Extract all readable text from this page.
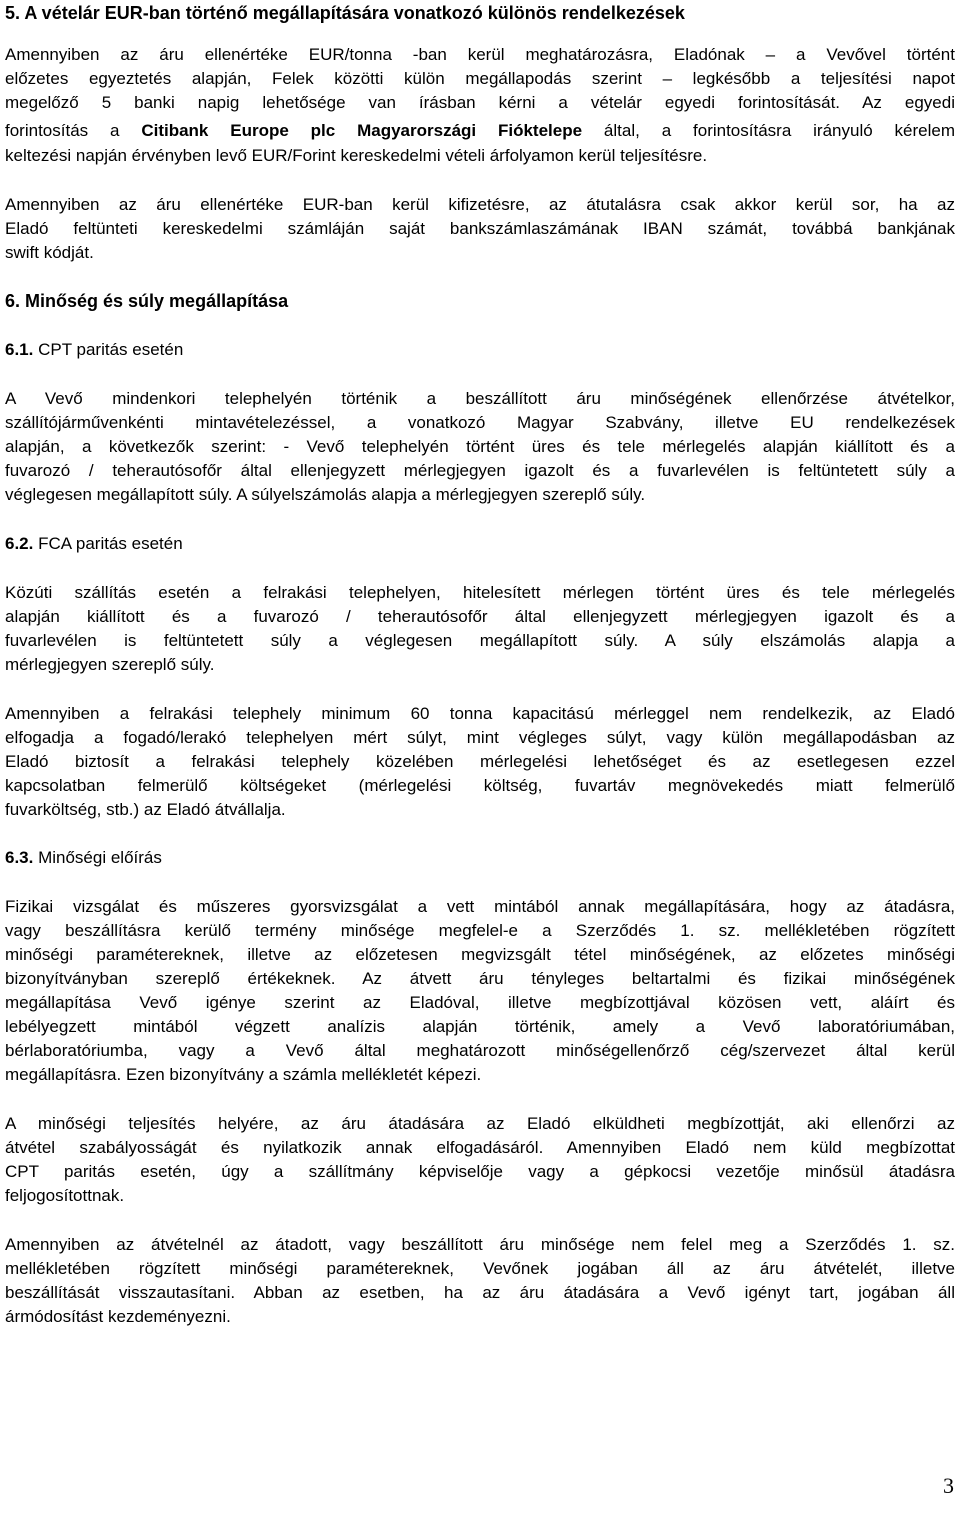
5. A vételár EUR-ban történő megállapítására vonatkozó különös rendelkezések
Amennyiben az áru ellenértéke EUR/tonna -ban kerül meghatározásra, Eladónak – a Vevővel történt
előzetes egyeztetés alapján, Felek közötti külön megállapodás szerint – legkésőbb a teljesítési napot
megelőző 5 banki napig lehetősége van írásban kérni a vételár egyedi forintosítását. Az egyedi
forintosítás a Citibank Europe plc Magyarországi Fióktelepe által, a forintosításra irányuló kérelem
keltezési napján érvényben levő EUR/Forint kereskedelmi vételi árfolyamon kerül teljesítésre.
Amennyiben az áru ellenértéke EUR-ban kerül kifizetésre, az átutalásra csak akkor kerül sor, ha az
Eladó feltünteti kereskedelmi számláján saját bankszámlaszámának IBAN számát, továbbá bankjának
swift kódját.
6. Minőség és súly megállapítása
6.1. CPT paritás esetén
A Vevő mindenkori telephelyén történik a beszállított áru minőségének ellenőrzése átvételkor,
szállítójárművenkénti mintavételezéssel, a vonatkozó Magyar Szabvány, illetve EU rendelkezések
alapján, a következők szerint: - Vevő telephelyén történt üres és tele mérlegelés alapján kiállított és a
fuvarozó / teherautósofőr által ellenjegyzett mérlegjegyen igazolt és a fuvarlevélen is feltüntetett súly a
véglegesen megállapított súly. A súlyelszámolás alapja a mérlegjegyen szereplő súly.
6.2. FCA paritás esetén
Közúti szállítás esetén a felrakási telephelyen, hitelesített mérlegen történt üres és tele mérlegelés
alapján kiállított és a fuvarozó / teherautósofőr által ellenjegyzett mérlegjegyen igazolt és a
fuvarlevélen is feltüntetett súly a véglegesen megállapított súly. A súly elszámolás alapja a
mérlegjegyen szereplő súly.
Amennyiben a felrakási telephely minimum 60 tonna kapacitású mérleggel nem rendelkezik, az Eladó
elfogadja a fogadó/lerakó telephelyen mért súlyt, mint végleges súlyt, vagy külön megállapodásban az
Eladó biztosít a felrakási telephely közelében mérlegelési lehetőséget és az esetlegesen ezzel
kapcsolatban felmerülő költségeket (mérlegelési költség, fuvartáv megnövekedés miatt felmerülő
fuvarköltség, stb.) az Eladó átvállalja.
6.3. Minőségi előírás
Fizikai vizsgálat és műszeres gyorsvizsgálat a vett mintából annak megállapítására, hogy az átadásra,
vagy beszállításra kerülő termény minősége megfelel-e a Szerződés 1. sz. mellékletében rögzített
minőségi paramétereknek, illetve az előzetesen megvizsgált tétel minőségének, az előzetes minőségi
bizonyítványban szereplő értékeknek. Az átvett áru tényleges beltartalmi és fizikai minőségének
megállapítása Vevő igénye szerint az Eladóval, illetve megbízottjával közösen vett, aláírt és
lebélyegzett mintából végzett analízis alapján történik, amely a Vevő laboratóriumában,
bérlaboratóriumba, vagy a Vevő által meghatározott minőségellenőrző cég/szervezet által kerül
megállapításra. Ezen bizonyítvány a számla mellékletét képezi.
A minőségi teljesítés helyére, az áru átadására az Eladó elküldheti megbízottját, aki ellenőrzi az
átvétel szabályosságát és nyilatkozik annak elfogadásáról. Amennyiben Eladó nem küld megbízottat
CPT paritás esetén, úgy a szállítmány képviselője vagy a gépkocsi vezetője minősül átadásra
feljogosítottnak.
Amennyiben az átvételnél az átadott, vagy beszállított áru minősége nem felel meg a Szerződés 1. sz.
mellékletében rögzített minőségi paramétereknek, Vevőnek jogában áll az áru átvételét, illetve
beszállítását visszautasítani. Abban az esetben, ha az áru átadására a Vevő igényt tart, jogában áll
ármódosítást kezdeményezni.
3
